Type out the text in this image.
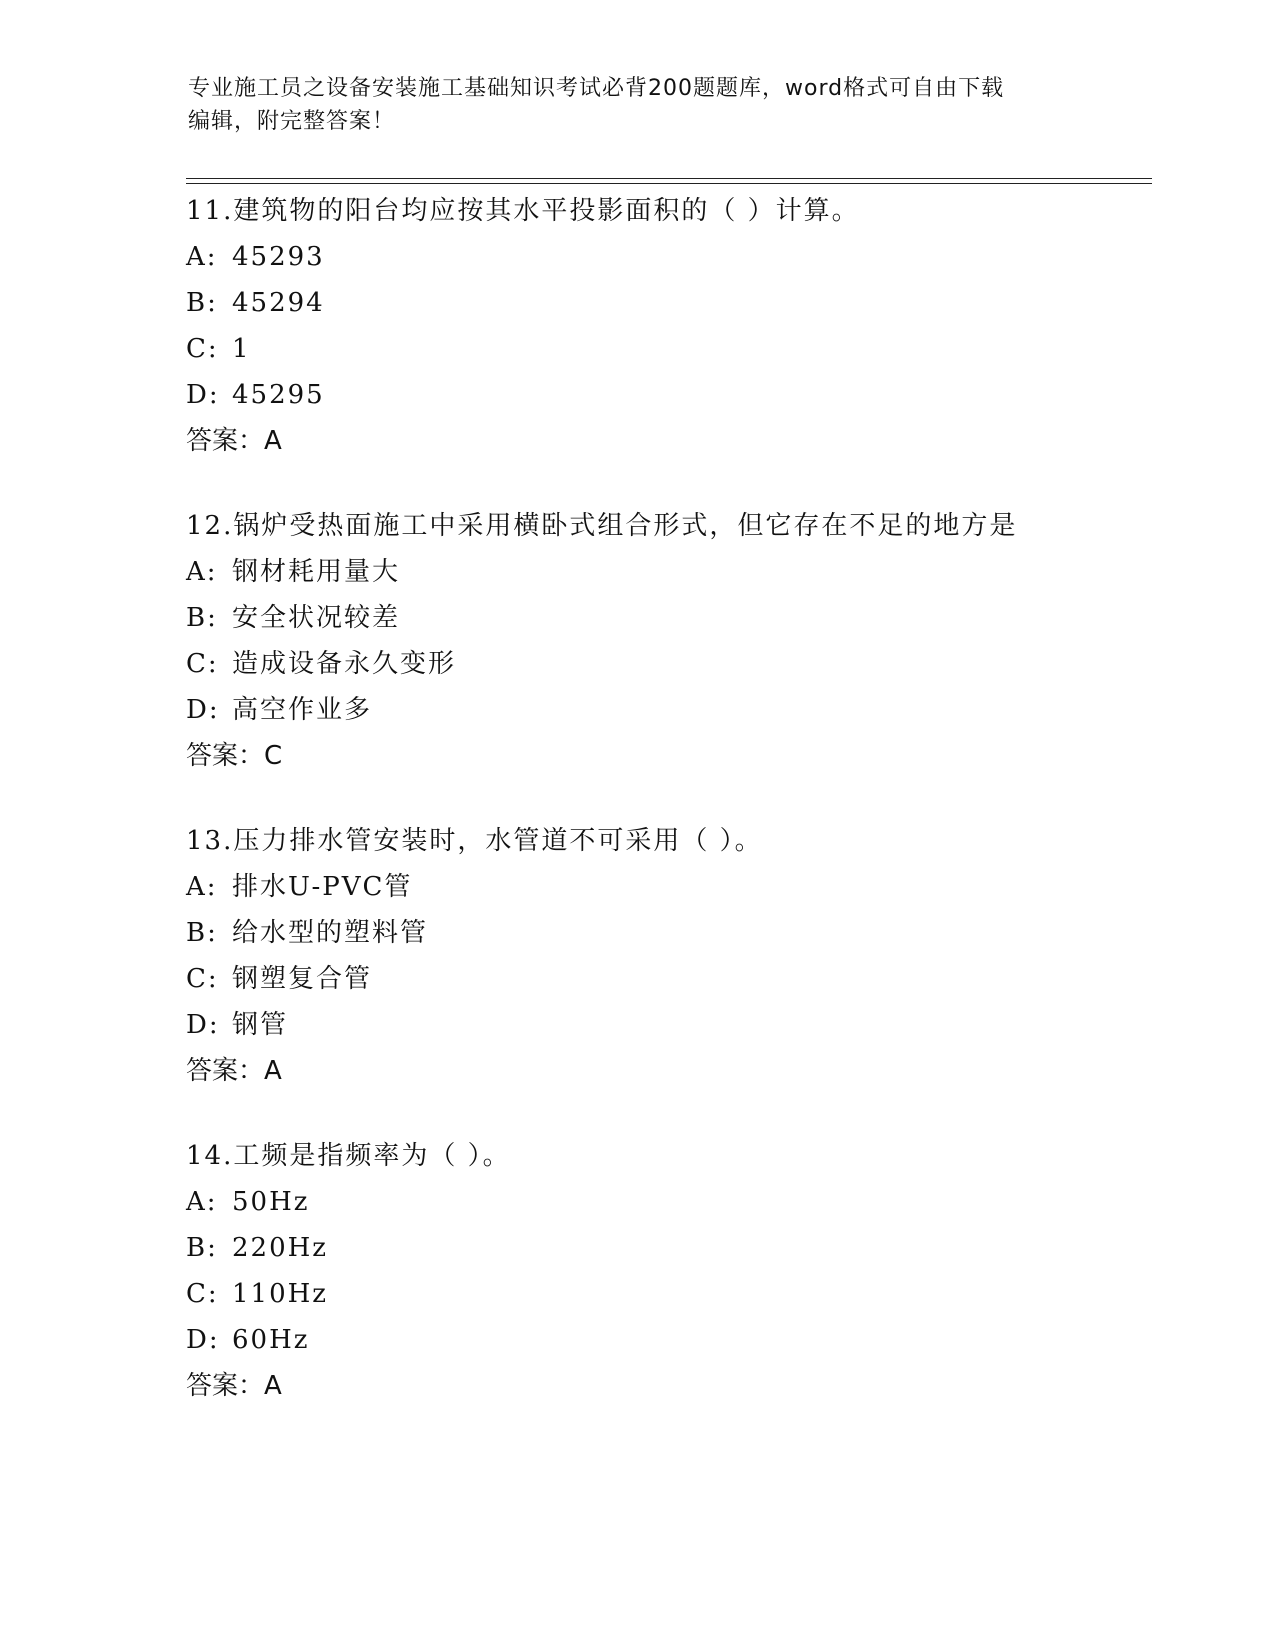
专业施工员之设备安装施工基础知识考试必背200题题库，word格式可自由下载
编辑，附完整答案！
11.建筑物的阳台均应按其水平投影面积的（ ）计算。
A: 45293
B: 45294
C: 1
D: 45295
答案：A
12.锅炉受热面施工中采用横卧式组合形式，但它存在不足的地方是
A: 钢材耗用量大
B: 安全状况较差
C: 造成设备永久变形
D: 高空作业多
答案：C
13.压力排水管安装时，水管道不可采用（ ）。
A: 排水U-PVC管
B: 给水型的塑料管
C: 钢塑复合管
D: 钢管
答案：A
14.工频是指频率为（ ）。
A: 50Hz
B: 220Hz
C: 110Hz
D: 60Hz
答案：A
